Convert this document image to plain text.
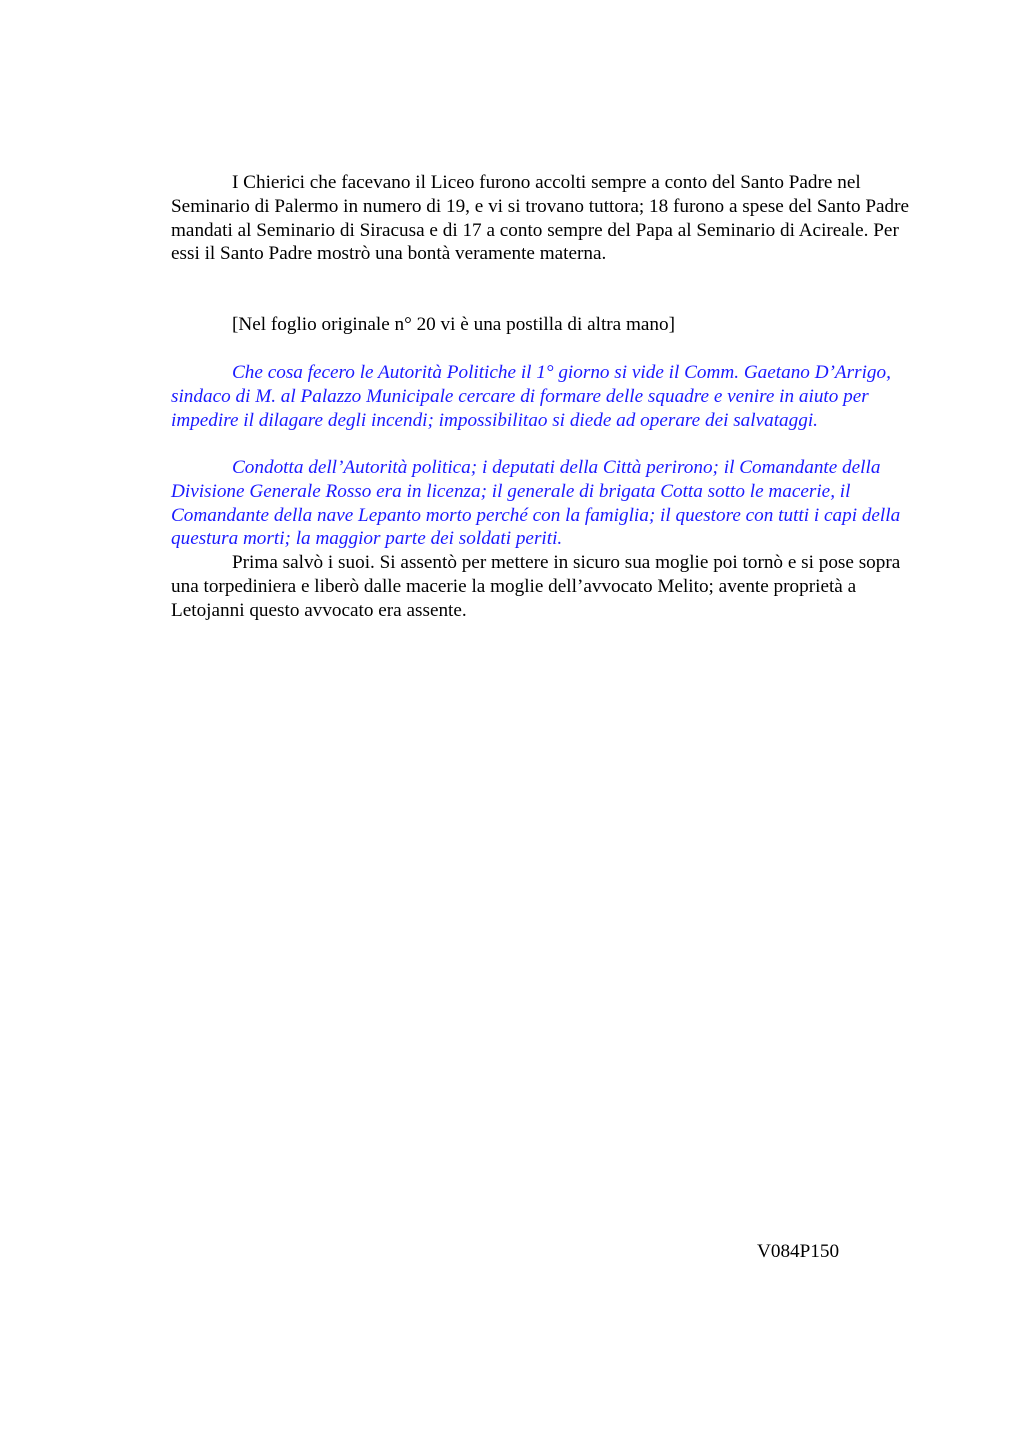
I Chierici che facevano il Liceo furono accolti sempre a conto del Santo Padre nel Seminario di Palermo in numero di 19, e vi si trovano tuttora; 18 furono a spese del Santo Padre mandati al Seminario di Siracusa e di 17 a conto sempre del Papa al Seminario di Acireale. Per essi il Santo Padre mostrò una bontà veramente materna.

[Nel foglio originale n° 20 vi è una postilla di altra mano]

Che cosa fecero le Autorità Politiche il 1° giorno si vide il Comm. Gaetano D’Arrigo, sindaco di M. al Palazzo Municipale cercare di formare delle squadre e venire in aiuto per impedire il dilagare degli incendi; impossibilitao si diede ad operare dei salvataggi.

Condotta dell’Autorità politica; i deputati della Città perirono; il Comandante della Divisione Generale Rosso era in licenza; il generale di brigata Cotta sotto le macerie, il Comandante della nave Lepanto morto perché con la famiglia; il questore con tutti i capi della questura morti; la maggior parte dei soldati periti.

Prima salvò i suoi. Si assentò per mettere in sicuro sua moglie poi tornò e si pose sopra una torpediniera e liberò dalle macerie la moglie dell’avvocato Melito; avente proprietà a Letojanni questo avvocato era assente.

V084P150
